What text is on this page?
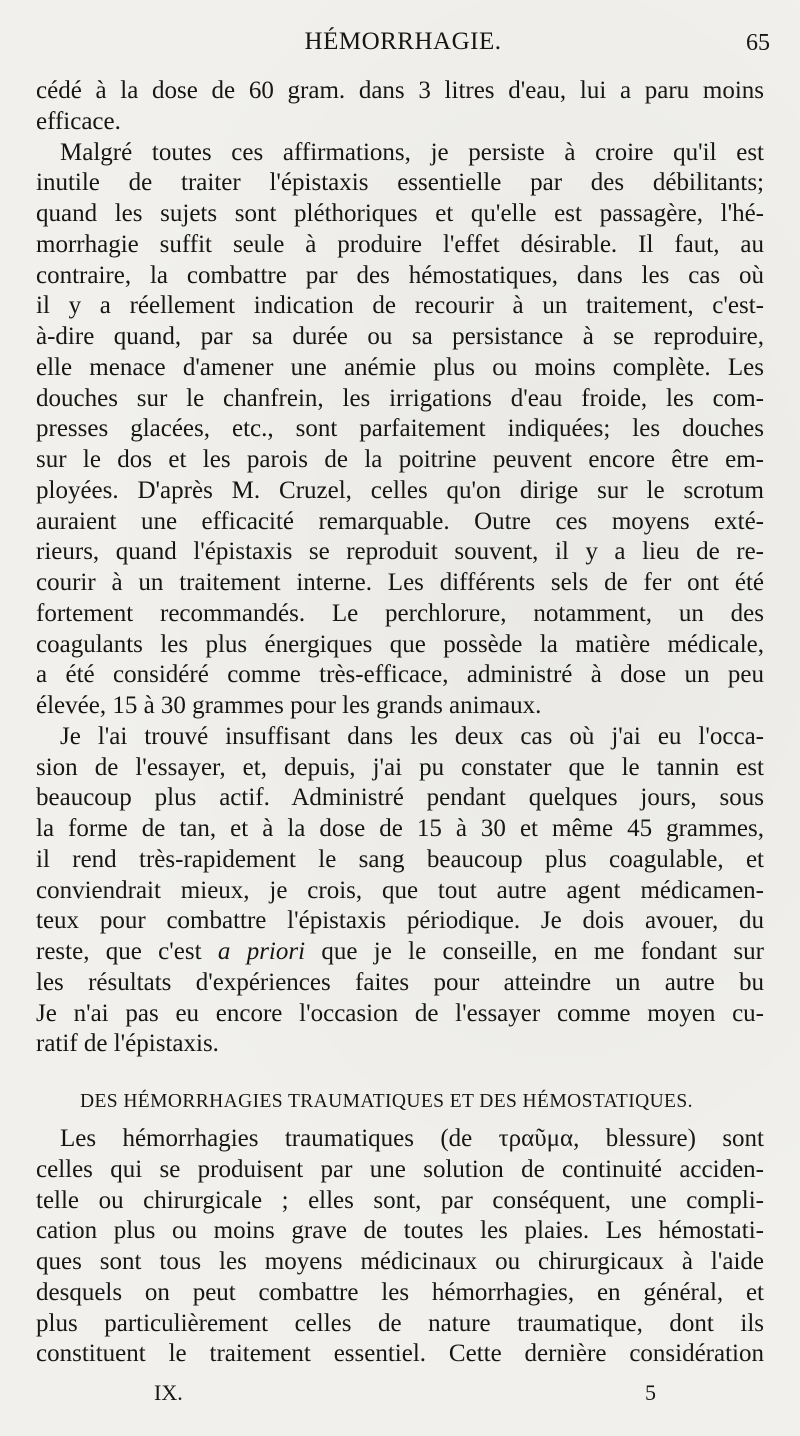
HÉMORRHAGIE.	65
cédé à la dose de 60 gram. dans 3 litres d'eau, lui a paru moins
efficace.
Malgré toutes ces affirmations, je persiste à croire qu'il est
inutile de traiter l'épistaxis essentielle par des débilitants;
quand les sujets sont pléthoriques et qu'elle est passagère, l'hé-
morrhagie suffit seule à produire l'effet désirable. Il faut, au
contraire, la combattre par des hémostatiques, dans les cas où
il y a réellement indication de recourir à un traitement, c'est-
à-dire quand, par sa durée ou sa persistance à se reproduire,
elle menace d'amener une anémie plus ou moins complète. Les
douches sur le chanfrein, les irrigations d'eau froide, les com-
presses glacées, etc., sont parfaitement indiquées; les douches
sur le dos et les parois de la poitrine peuvent encore être em-
ployées. D'après M. Cruzel, celles qu'on dirige sur le scrotum
auraient une efficacité remarquable. Outre ces moyens exté-
rieurs, quand l'épistaxis se reproduit souvent, il y a lieu de re-
courir à un traitement interne. Les différents sels de fer ont été
fortement recommandés. Le perchlorure, notamment, un des
coagulants les plus énergiques que possède la matière médicale,
a été considéré comme très-efficace, administré à dose un peu
élevée, 15 à 30 grammes pour les grands animaux.
Je l'ai trouvé insuffisant dans les deux cas où j'ai eu l'occa-
sion de l'essayer, et, depuis, j'ai pu constater que le tannin est
beaucoup plus actif. Administré pendant quelques jours, sous
la forme de tan, et à la dose de 15 à 30 et même 45 grammes,
il rend très-rapidement le sang beaucoup plus coagulable, et
conviendrait mieux, je crois, que tout autre agent médicamen-
teux pour combattre l'épistaxis périodique. Je dois avouer, du
reste, que c'est a priori que je le conseille, en me fondant sur
les résultats d'expériences faites pour atteindre un autre bu
Je n'ai pas eu encore l'occasion de l'essayer comme moyen cu-
ratif de l'épistaxis.
DES HÉMORRHAGIES TRAUMATIQUES ET DES HÉMOSTATIQUES.
Les hémorrhagies traumatiques (de τραῦμα, blessure) sont
celles qui se produisent par une solution de continuité acciden-
telle ou chirurgicale ; elles sont, par conséquent, une compli-
cation plus ou moins grave de toutes les plaies. Les hémostati-
ques sont tous les moyens médicinaux ou chirurgicaux à l'aide
desquels on peut combattre les hémorrhagies, en général, et
plus particulièrement celles de nature traumatique, dont ils
constituent le traitement essentiel. Cette dernière considération
IX.	5
